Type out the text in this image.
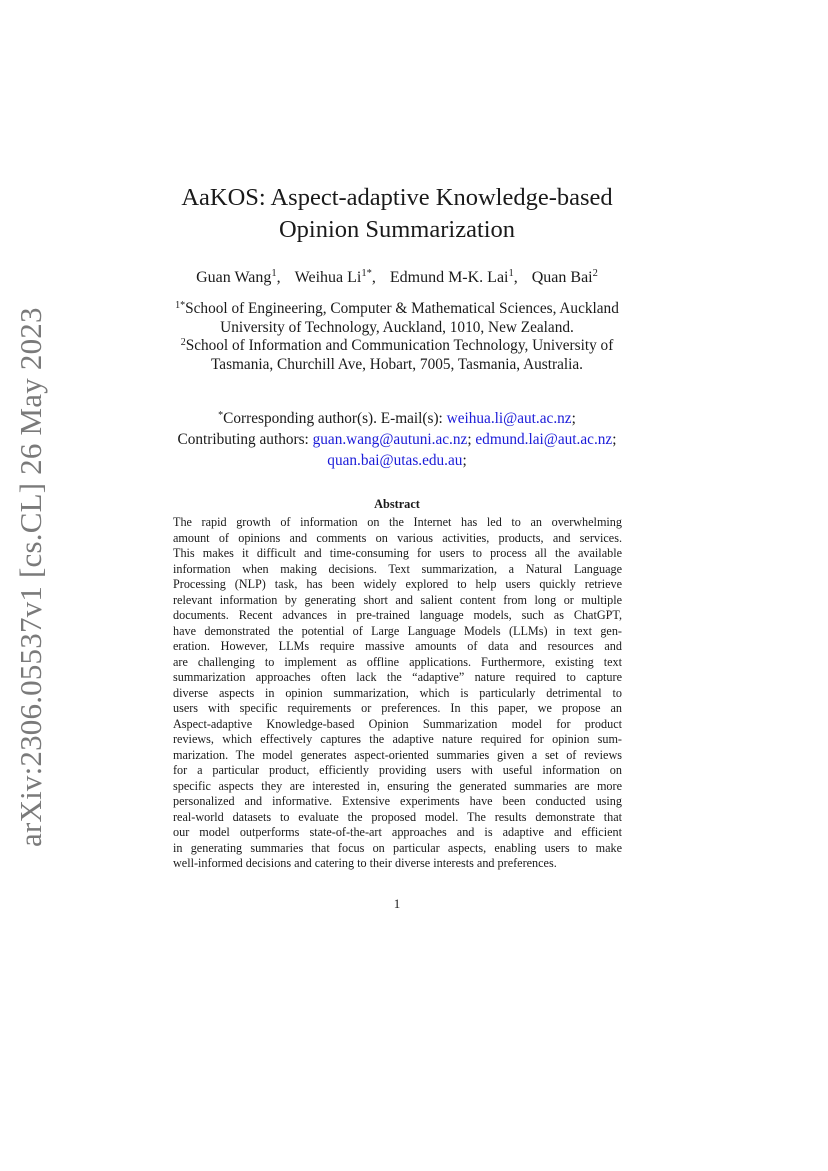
arXiv:2306.05537v1 [cs.CL] 26 May 2023
AaKOS: Aspect-adaptive Knowledge-based
Opinion Summarization
Guan Wang$^1$, Weihua $Li^{1*}$, Edmund M-K. Lai$^1$, Quan Bai$^2$
$^{1*}$School of Engineering, Computer & Mathematical Sciences, Auckland
University of Technology, Auckland, 1010, New Zealand.
$^2$School of Information and Communication Technology, University of
Tasmania, Churchill Ave, Hobart, 7005, Tasmania, Australia.
*Corresponding author(s). E-mail(s): weihua.li@aut.ac.nz;
Contributing authors: guan.wang@autuni.ac.nz; edmund.lai@aut.ac.nz;
quan.bai@utas.edu.au;
Abstract
The rapid growth of information on the Internet has led to an overwhelming
amount of opinions and comments on various activities, products, and services.
This makes it difficult and time-consuming for users to process all the available
information when making decisions. Text summarization, a Natural Language
Processing (NLP) task, has been widely explored to help users quickly retrieve
relevant information by generating short and salient content from long or multiple
documents. Recent advances in pre-trained language models, such as ChatGPT,
have demonstrated the potential of Large Language Models (LLMs) in text gen-
eration. However, LLMs require massive amounts of data and resources and
are challenging to implement as offline applications. Furthermore, existing text
summarization approaches often lack the “adaptive” nature required to capture
diverse aspects in opinion summarization, which is particularly detrimental to
users with specific requirements or preferences. In this paper, we propose an
Aspect-adaptive Knowledge-based Opinion Summarization model for product
reviews, which effectively captures the adaptive nature required for opinion sum-
marization. The model generates aspect-oriented summaries given a set of reviews
for a particular product, efficiently providing users with useful information on
specific aspects they are interested in, ensuring the generated summaries are more
personalized and informative. Extensive experiments have been conducted using
real-world datasets to evaluate the proposed model. The results demonstrate that
our model outperforms state-of-the-art approaches and is adaptive and efficient
in generating summaries that focus on particular aspects, enabling users to make
well-informed decisions and catering to their diverse interests and preferences.
1
